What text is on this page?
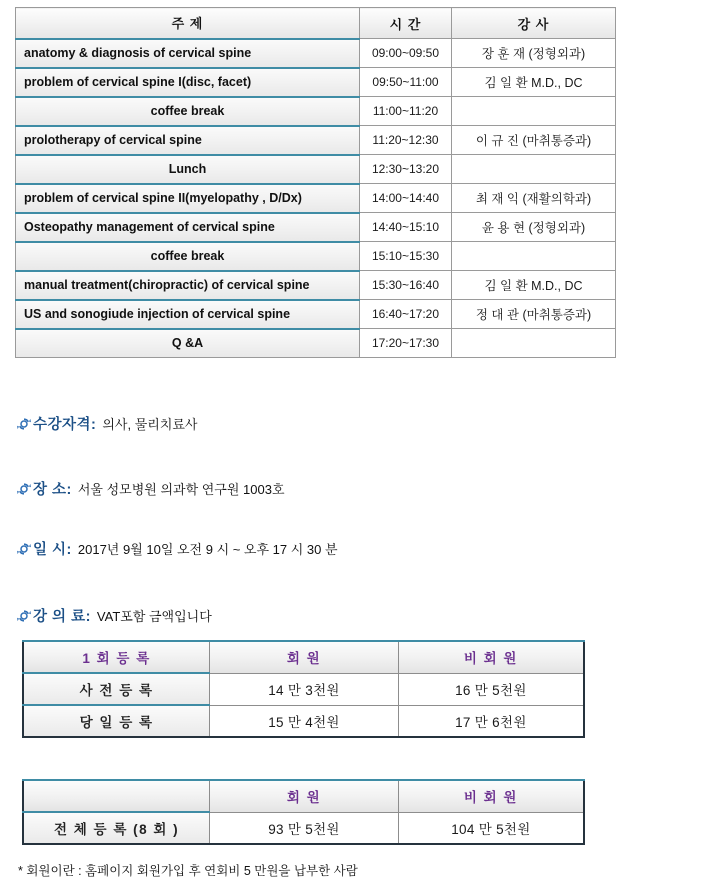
주 제	시 간	강 사
anatomy & diagnosis of cervical spine	09:00~09:50	장 훈 재 (정형외과)
problem of cervical spine I(disc, facet)	09:50~11:00	김 일 환 M.D., DC
coffee break	11:00~11:20	
prolotherapy of cervical spine	11:20~12:30	이 규 진 (마취통증과)
Lunch	12:30~13:20	
problem of cervical spine II(myelopathy , D/Dx)	14:00~14:40	최 재 익 (재활의학과)
Osteopathy management of cervical spine	14:40~15:10	윤 용 현 (정형외과)
coffee break	15:10~15:30	
manual treatment(chiropractic) of cervical spine	15:30~16:40	김 일 환 M.D., DC
US and sonogiude injection of cervical spine	16:40~17:20	정 대 관 (마취통증과)
Q &A	17:20~17:30	
수강자격: 의사, 물리치료사
장 소: 서울 성모병원 의과학 연구원 1003호
일 시: 2017년 9월 10일 오전 9 시 ~ 오후 17 시 30 분
강 의 료: VAT포함 금액입니다
1 회 등 록	회 원	비 회 원
사 전 등 록	14 만 3천원	16 만 5천원
당 일 등 록	15 만 4천원	17 만 6천원
	회 원	비 회 원
전 체 등 록 (8 회 )	93 만 5천원	104 만 5천원
* 회원이란 : 홈페이지 회원가입 후 연회비 5 만원을 납부한 사람
